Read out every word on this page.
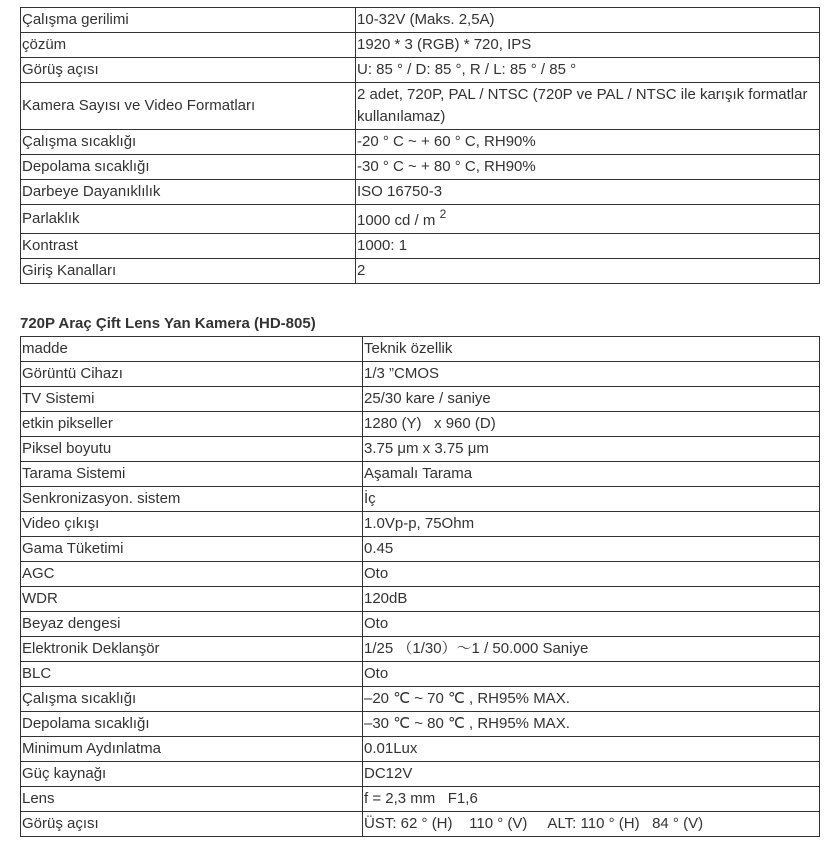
Çalışma gerilimi	10-32V (Maks. 2,5A)
çözüm	1920 * 3 (RGB) * 720, IPS
Görüş açısı	U: 85 ° / D: 85 °, R / L: 85 ° / 85 °
Kamera Sayısı ve Video Formatları	2 adet, 720P, PAL / NTSC (720P ve PAL / NTSC ile karışık formatlar kullanılamaz)
Çalışma sıcaklığı	-20 ° C ~ + 60 ° C, RH90%
Depolama sıcaklığı	-30 ° C ~ + 80 ° C, RH90%
Darbeye Dayanıklılık	ISO 16750-3
Parlaklık	1000 cd / m $^2$
Kontrast	1000: 1
Giriş Kanalları	2
720P Araç Çift Lens Yan Kamera (HD-805)
madde	Teknik özellik
Görüntü Cihazı	1/3 ”CMOS
TV Sistemi	25/30 kare / saniye
etkin pikseller	1280 (Y)   x 960 (D)
Piksel boyutu	3.75 μm x 3.75 μm
Tarama Sistemi	Aşamalı Tarama
Senkronizasyon. sistem	İç
Video çıkışı	1.0Vp-p, 75Ohm
Gama Tüketimi	0.45
AGC	Oto
WDR	120dB
Beyaz dengesi	Oto
Elektronik Deklanşör	1/25 （1/30）～1 / 50.000 Saniye
BLC	Oto
Çalışma sıcaklığı	–20 ℃ ~ 70 ℃ , RH95% MAX.
Depolama sıcaklığı	–30 ℃ ~ 80 ℃ , RH95% MAX.
Minimum Aydınlatma	0.01Lux
Güç kaynağı	DC12V
Lens	f = 2,3 mm   F1,6
Görüş açısı	ÜST: 62 ° (H)    110 ° (V)     ALT: 110 ° (H)   84 ° (V)
